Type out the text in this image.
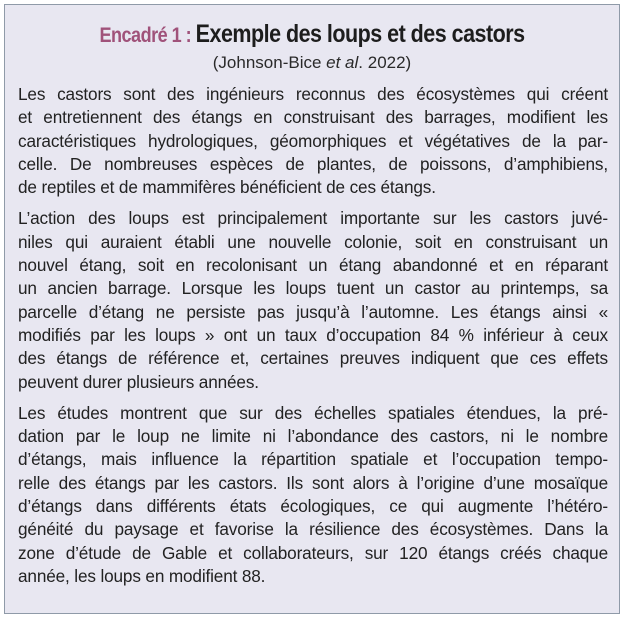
Encadré 1 : Exemple des loups et des castors
(Johnson-Bice et al. 2022)

Les castors sont des ingénieurs reconnus des écosystèmes qui créent
et entretiennent des étangs en construisant des barrages, modifient les
caractéristiques hydrologiques, géomorphiques et végétatives de la par-
celle. De nombreuses espèces de plantes, de poissons, d’amphibiens,
de reptiles et de mammifères bénéficient de ces étangs.

L’action des loups est principalement importante sur les castors juvé-
niles qui auraient établi une nouvelle colonie, soit en construisant un
nouvel étang, soit en recolonisant un étang abandonné et en réparant
un ancien barrage. Lorsque les loups tuent un castor au printemps, sa
parcelle d’étang ne persiste pas jusqu’à l’automne. Les étangs ainsi «
modifiés par les loups » ont un taux d’occupation 84 % inférieur à ceux
des étangs de référence et, certaines preuves indiquent que ces effets
peuvent durer plusieurs années.

Les études montrent que sur des échelles spatiales étendues, la pré-
dation par le loup ne limite ni l’abondance des castors, ni le nombre
d’étangs, mais influence la répartition spatiale et l’occupation tempo-
relle des étangs par les castors. Ils sont alors à l’origine d’une mosaïque
d’étangs dans différents états écologiques, ce qui augmente l’hétéro-
généité du paysage et favorise la résilience des écosystèmes. Dans la
zone d’étude de Gable et collaborateurs, sur 120 étangs créés chaque
année, les loups en modifient 88.
